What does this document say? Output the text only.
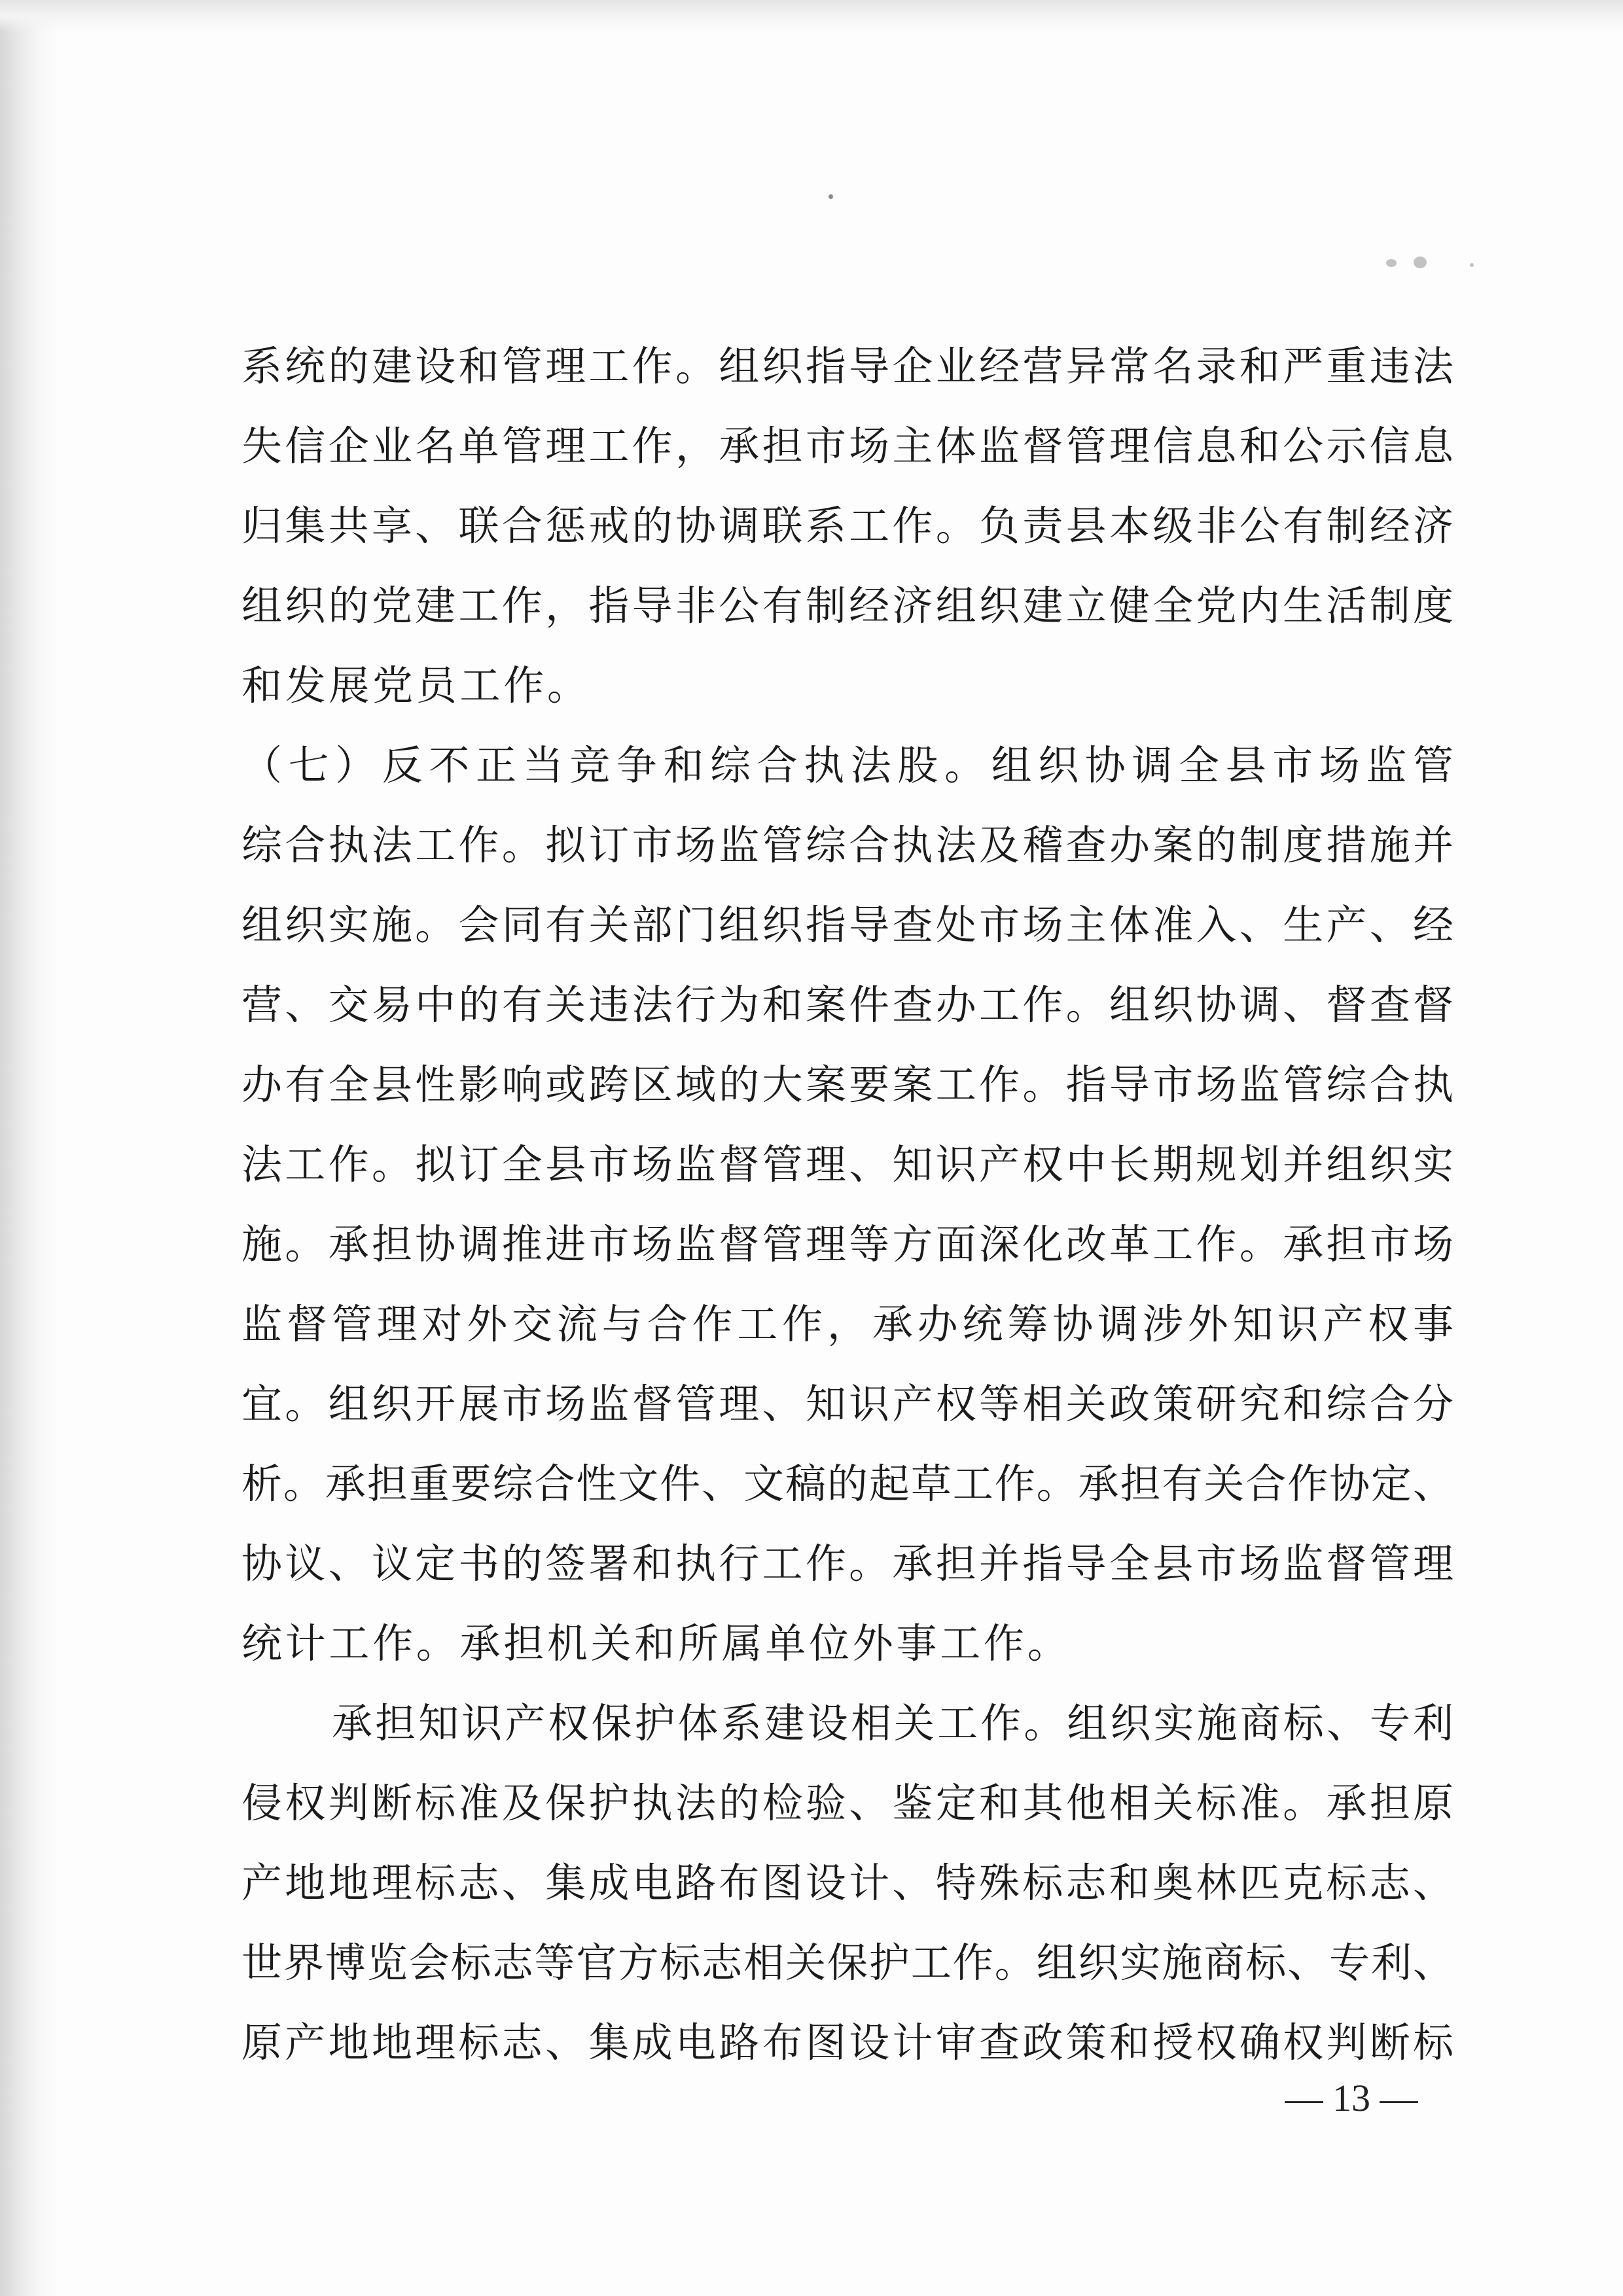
系统的建设和管理工作。组织指导企业经营异常名录和严重违法
失信企业名单管理工作，承担市场主体监督管理信息和公示信息
归集共享、联合惩戒的协调联系工作。负责县本级非公有制经济
组织的党建工作，指导非公有制经济组织建立健全党内生活制度
和发展党员工作。
（七）反不正当竞争和综合执法股。组织协调全县市场监管
综合执法工作。拟订市场监管综合执法及稽查办案的制度措施并
组织实施。会同有关部门组织指导查处市场主体准入、生产、经
营、交易中的有关违法行为和案件查办工作。组织协调、督查督
办有全县性影响或跨区域的大案要案工作。指导市场监管综合执
法工作。拟订全县市场监督管理、知识产权中长期规划并组织实
施。承担协调推进市场监督管理等方面深化改革工作。承担市场
监督管理对外交流与合作工作，承办统筹协调涉外知识产权事
宜。组织开展市场监督管理、知识产权等相关政策研究和综合分
析。承担重要综合性文件、文稿的起草工作。承担有关合作协定、
协议、议定书的签署和执行工作。承担并指导全县市场监督管理
统计工作。承担机关和所属单位外事工作。
承担知识产权保护体系建设相关工作。组织实施商标、专利
侵权判断标准及保护执法的检验、鉴定和其他相关标准。承担原
产地地理标志、集成电路布图设计、特殊标志和奥林匹克标志、
世界博览会标志等官方标志相关保护工作。组织实施商标、专利、
原产地地理标志、集成电路布图设计审查政策和授权确权判断标
— 13 —
